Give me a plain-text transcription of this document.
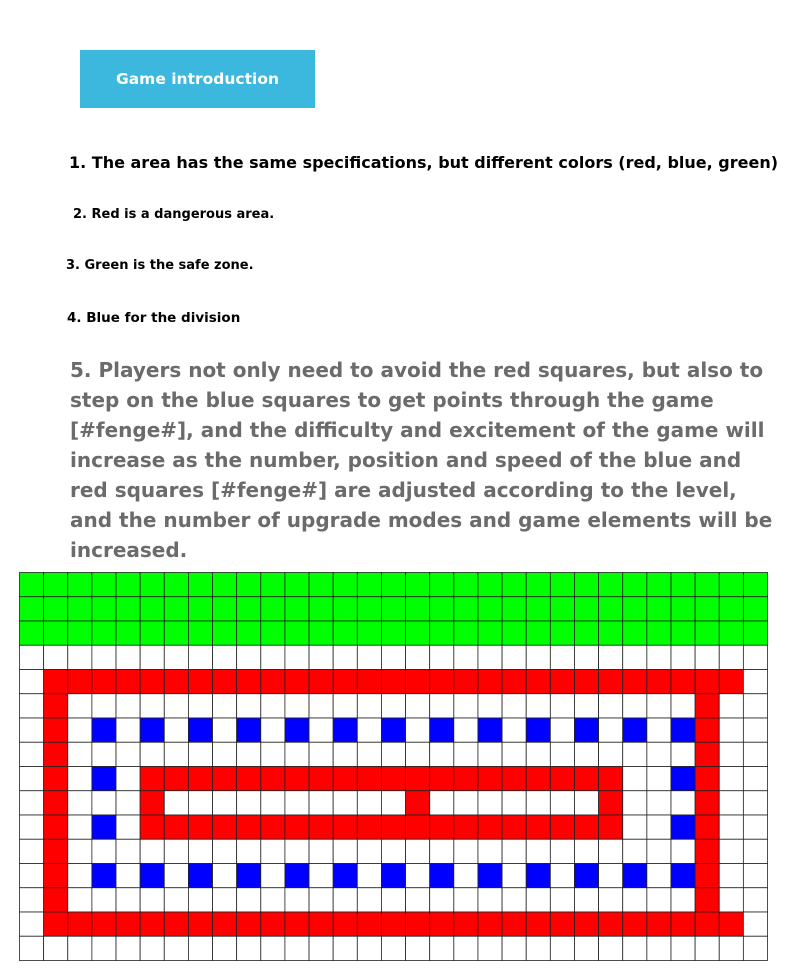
Game introduction
1. The area has the same specifications, but different colors (red, blue, green)
2. Red is a dangerous area.
3. Green is the safe zone.
4. Blue for the division
5. Players not only need to avoid the red squares, but also to step on the blue squares to get points through the game [#fenge#], and the difficulty and excitement of the game will increase as the number, position and speed of the blue and red squares [#fenge#] are adjusted according to the level, and the number of upgrade modes and game elements will be increased.
